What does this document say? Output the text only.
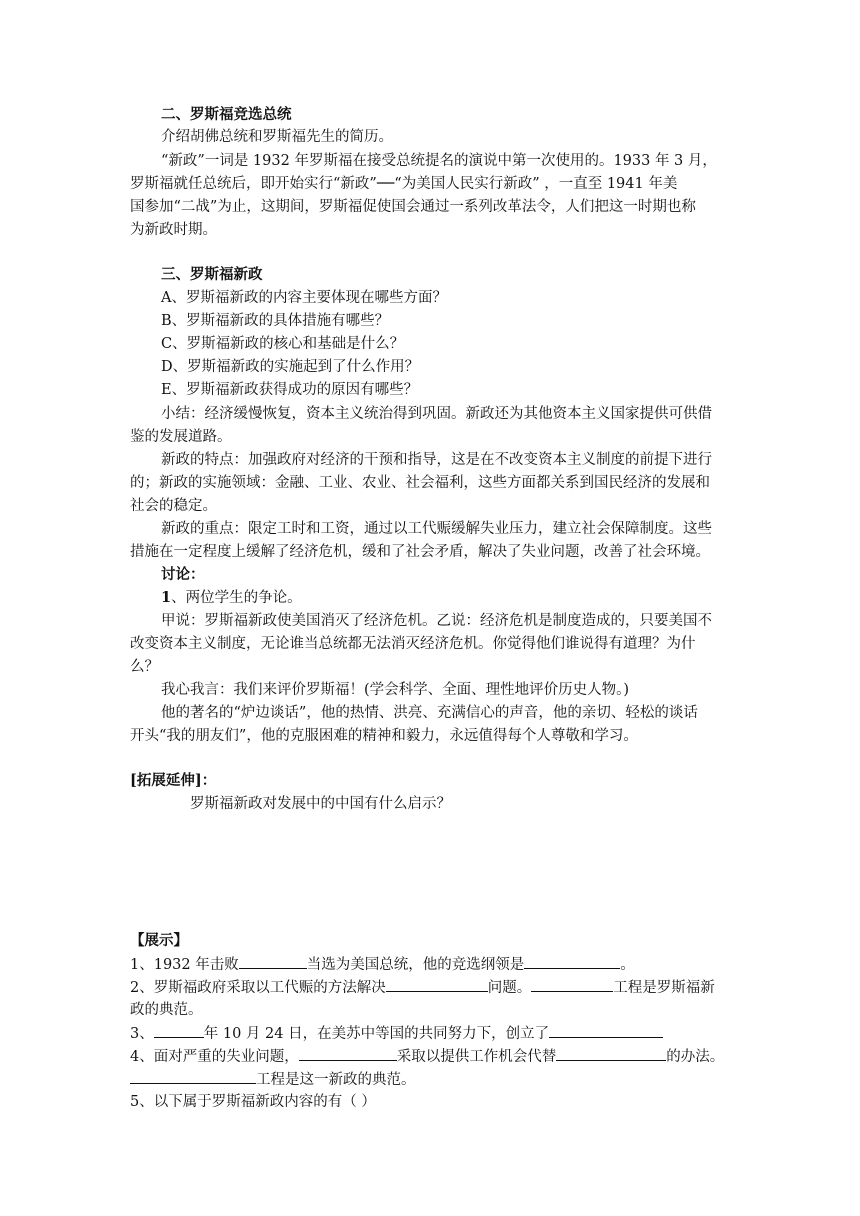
二、罗斯福竞选总统
介绍胡佛总统和罗斯福先生的简历。
“新政”一词是 1932 年罗斯福在接受总统提名的演说中第一次使用的。1933 年 3 月，
罗斯福就任总统后，即开始实行“新政”──“为美国人民实行新政” ，一直至 1941 年美
国参加“二战”为止，这期间，罗斯福促使国会通过一系列改革法令，人们把这一时期也称
为新政时期。
三、罗斯福新政
A、罗斯福新政的内容主要体现在哪些方面？
B、罗斯福新政的具体措施有哪些？
C、罗斯福新政的核心和基础是什么？
D、罗斯福新政的实施起到了什么作用？
E、罗斯福新政获得成功的原因有哪些？
小结：经济缓慢恢复，资本主义统治得到巩固。新政还为其他资本主义国家提供可供借
鉴的发展道路。
新政的特点：加强政府对经济的干预和指导，这是在不改变资本主义制度的前提下进行
的；新政的实施领域：金融、工业、农业、社会福利，这些方面都关系到国民经济的发展和
社会的稳定。
新政的重点：限定工时和工资，通过以工代赈缓解失业压力，建立社会保障制度。这些
措施在一定程度上缓解了经济危机，缓和了社会矛盾，解决了失业问题，改善了社会环境。
讨论：
1、两位学生的争论。
甲说：罗斯福新政使美国消灭了经济危机。乙说：经济危机是制度造成的，只要美国不
改变资本主义制度，无论谁当总统都无法消灭经济危机。你觉得他们谁说得有道理？为什
么？
我心我言：我们来评价罗斯福！(学会科学、全面、理性地评价历史人物。)
他的著名的“炉边谈话”，他的热情、洪亮、充满信心的声音，他的亲切、轻松的谈话
开头“我的朋友们”，他的克服困难的精神和毅力，永远值得每个人尊敬和学习。
[拓展延伸]：
罗斯福新政对发展中的中国有什么启示？
【展示】
1、1932 年击败	当选为美国总统，他的竞选纲领是	。
2、罗斯福政府采取以工代赈的方法解决	问题。	工程是罗斯福新
政的典范。
3、	年 10 月 24 日，在美苏中等国的共同努力下，创立了
4、面对严重的失业问题，	采取以提供工作机会代替	的办法。
工程是这一新政的典范。
5、以下属于罗斯福新政内容的有（ ）
